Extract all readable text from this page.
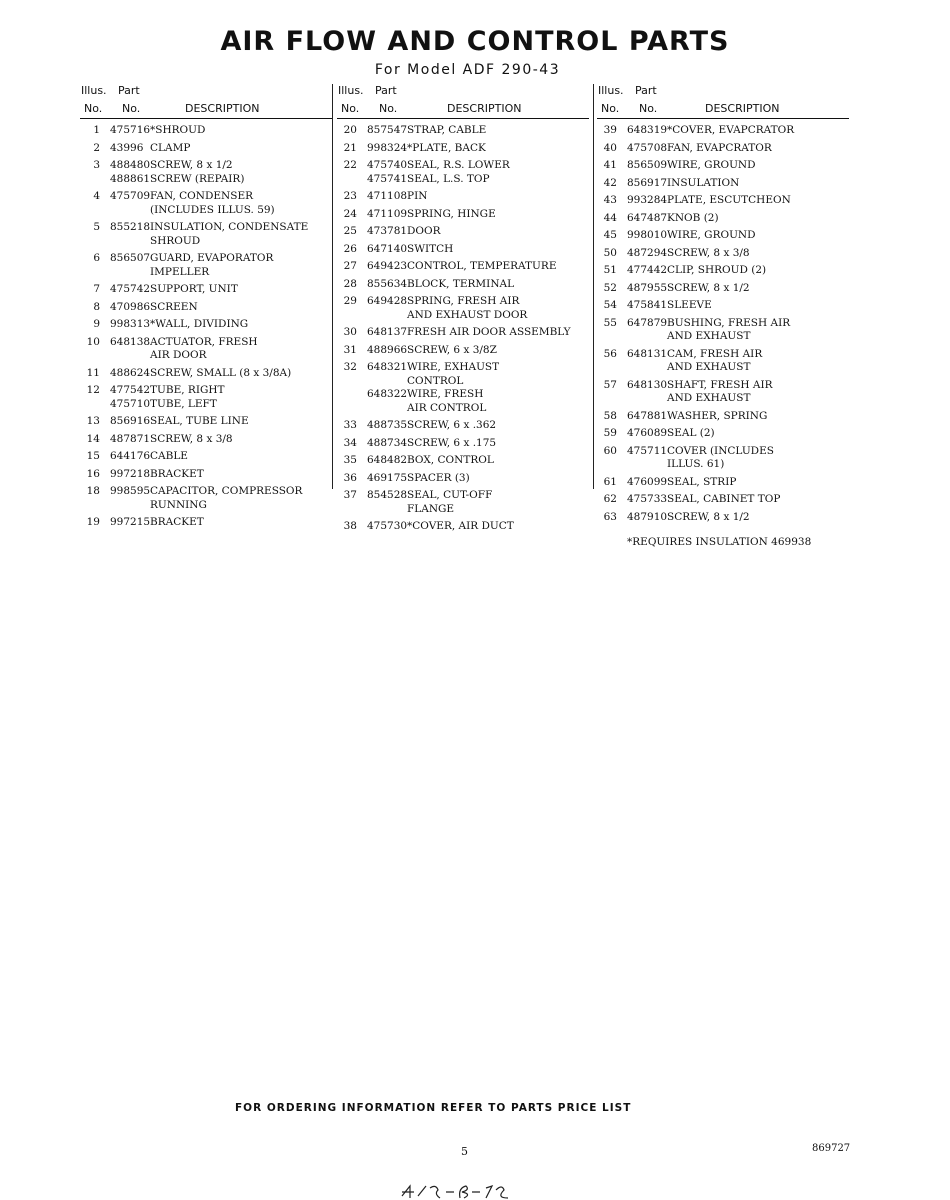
AIR FLOW AND CONTROL PARTS
For Model ADF 290-43
Illus. Part
No. No.	DESCRIPTION
1 475716 *SHROUD
2 43996 CLAMP
3 488480 SCREW, 8 x 1/2
488861 SCREW (REPAIR)
4 475709 FAN, CONDENSER
(INCLUDES ILLUS. 59)
5 855218 INSULATION, CONDENSATE
SHROUD
6 856507 GUARD, EVAPORATOR
IMPELLER
7 475742 SUPPORT, UNIT
8 470986 SCREEN
9 998313 *WALL, DIVIDING
10 648138 ACTUATOR, FRESH
AIR DOOR
11 488624 SCREW, SMALL (8 x 3/8A)
12 477542 TUBE, RIGHT
475710 TUBE, LEFT
13 856916 SEAL, TUBE LINE
14 487871 SCREW, 8 x 3/8
15 644176 CABLE
16 997218 BRACKET
18 998595 CAPACITOR, COMPRESSOR
RUNNING
19 997215 BRACKET
Illus. Part
No. No.	DESCRIPTION
20 857547 STRAP, CABLE
21 998324 *PLATE, BACK
22 475740 SEAL, R.S. LOWER
475741 SEAL, L.S. TOP
23 471108 PIN
24 471109 SPRING, HINGE
25 473781 DOOR
26 647140 SWITCH
27 649423 CONTROL, TEMPERATURE
28 855634 BLOCK, TERMINAL
29 649428 SPRING, FRESH AIR
AND EXHAUST DOOR
30 648137 FRESH AIR DOOR ASSEMBLY
31 488966 SCREW, 6 x 3/8Z
32 648321 WIRE, EXHAUST
CONTROL
648322 WIRE, FRESH
AIR CONTROL
33 488735 SCREW, 6 x .362
34 488734 SCREW, 6 x .175
35 648482 BOX, CONTROL
36 469175 SPACER (3)
37 854528 SEAL, CUT-OFF
FLANGE
38 475730 *COVER, AIR DUCT
Illus. Part
No. No.	DESCRIPTION
39 648319 *COVER, EVAPCRATOR
40 475708 FAN, EVAPCRATOR
41 856509 WIRE, GROUND
42 856917 INSULATION
43 993284 PLATE, ESCUTCHEON
44 647487 KNOB (2)
45 998010 WIRE, GROUND
50 487294 SCREW, 8 x 3/8
51 477442 CLIP, SHROUD (2)
52 487955 SCREW, 8 x 1/2
54 475841 SLEEVE
55 647879 BUSHING, FRESH AIR
AND EXHAUST
56 648131 CAM, FRESH AIR
AND EXHAUST
57 648130 SHAFT, FRESH AIR
AND EXHAUST
58 647881 WASHER, SPRING
59 476089 SEAL (2)
60 475711 COVER (INCLUDES
ILLUS. 61)
61 476099 SEAL, STRIP
62 475733 SEAL, CABINET TOP
63 487910 SCREW, 8 x 1/2
*REQUIRES INSULATION 469938
FOR ORDERING INFORMATION REFER TO PARTS PRICE LIST
5	869727
